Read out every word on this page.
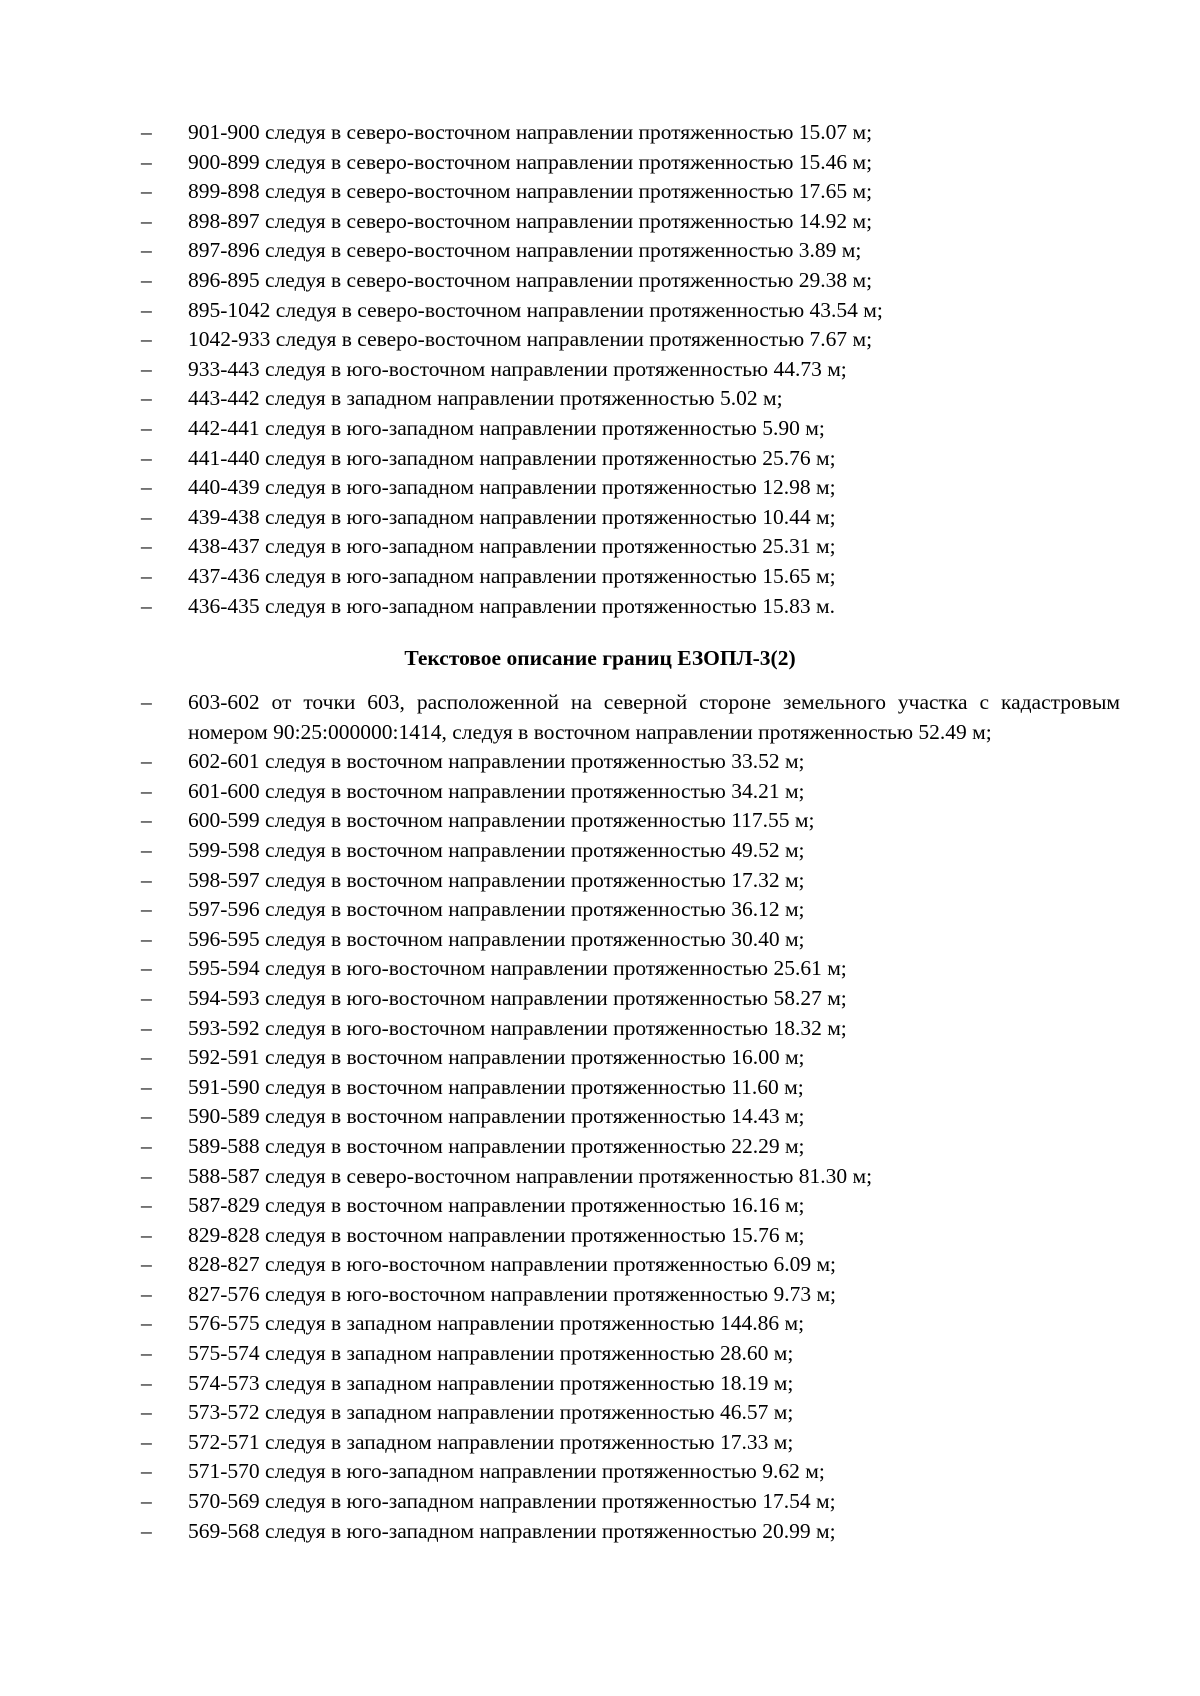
– 901-900 следуя в северо-восточном направлении протяженностью 15.07 м;
– 900-899 следуя в северо-восточном направлении протяженностью 15.46 м;
– 899-898 следуя в северо-восточном направлении протяженностью 17.65 м;
– 898-897 следуя в северо-восточном направлении протяженностью 14.92 м;
– 897-896 следуя в северо-восточном направлении протяженностью 3.89 м;
– 896-895 следуя в северо-восточном направлении протяженностью 29.38 м;
– 895-1042 следуя в северо-восточном направлении протяженностью 43.54 м;
– 1042-933 следуя в северо-восточном направлении протяженностью 7.67 м;
– 933-443 следуя в юго-восточном направлении протяженностью 44.73 м;
– 443-442 следуя в западном направлении протяженностью 5.02 м;
– 442-441 следуя в юго-западном направлении протяженностью 5.90 м;
– 441-440 следуя в юго-западном направлении протяженностью 25.76 м;
– 440-439 следуя в юго-западном направлении протяженностью 12.98 м;
– 439-438 следуя в юго-западном направлении протяженностью 10.44 м;
– 438-437 следуя в юго-западном направлении протяженностью 25.31 м;
– 437-436 следуя в юго-западном направлении протяженностью 15.65 м;
– 436-435 следуя в юго-западном направлении протяженностью 15.83 м.
Текстовое описание границ ЕЗОПЛ-3(2)
– 603-602 от точки 603, расположенной на северной стороне земельного участка с кадастровым номером 90:25:000000:1414, следуя в восточном направлении протяженностью 52.49 м;
– 602-601 следуя в восточном направлении протяженностью 33.52 м;
– 601-600 следуя в восточном направлении протяженностью 34.21 м;
– 600-599 следуя в восточном направлении протяженностью 117.55 м;
– 599-598 следуя в восточном направлении протяженностью 49.52 м;
– 598-597 следуя в восточном направлении протяженностью 17.32 м;
– 597-596 следуя в восточном направлении протяженностью 36.12 м;
– 596-595 следуя в восточном направлении протяженностью 30.40 м;
– 595-594 следуя в юго-восточном направлении протяженностью 25.61 м;
– 594-593 следуя в юго-восточном направлении протяженностью 58.27 м;
– 593-592 следуя в юго-восточном направлении протяженностью 18.32 м;
– 592-591 следуя в восточном направлении протяженностью 16.00 м;
– 591-590 следуя в восточном направлении протяженностью 11.60 м;
– 590-589 следуя в восточном направлении протяженностью 14.43 м;
– 589-588 следуя в восточном направлении протяженностью 22.29 м;
– 588-587 следуя в северо-восточном направлении протяженностью 81.30 м;
– 587-829 следуя в восточном направлении протяженностью 16.16 м;
– 829-828 следуя в восточном направлении протяженностью 15.76 м;
– 828-827 следуя в юго-восточном направлении протяженностью 6.09 м;
– 827-576 следуя в юго-восточном направлении протяженностью 9.73 м;
– 576-575 следуя в западном направлении протяженностью 144.86 м;
– 575-574 следуя в западном направлении протяженностью 28.60 м;
– 574-573 следуя в западном направлении протяженностью 18.19 м;
– 573-572 следуя в западном направлении протяженностью 46.57 м;
– 572-571 следуя в западном направлении протяженностью 17.33 м;
– 571-570 следуя в юго-западном направлении протяженностью 9.62 м;
– 570-569 следуя в юго-западном направлении протяженностью 17.54 м;
– 569-568 следуя в юго-западном направлении протяженностью 20.99 м;
